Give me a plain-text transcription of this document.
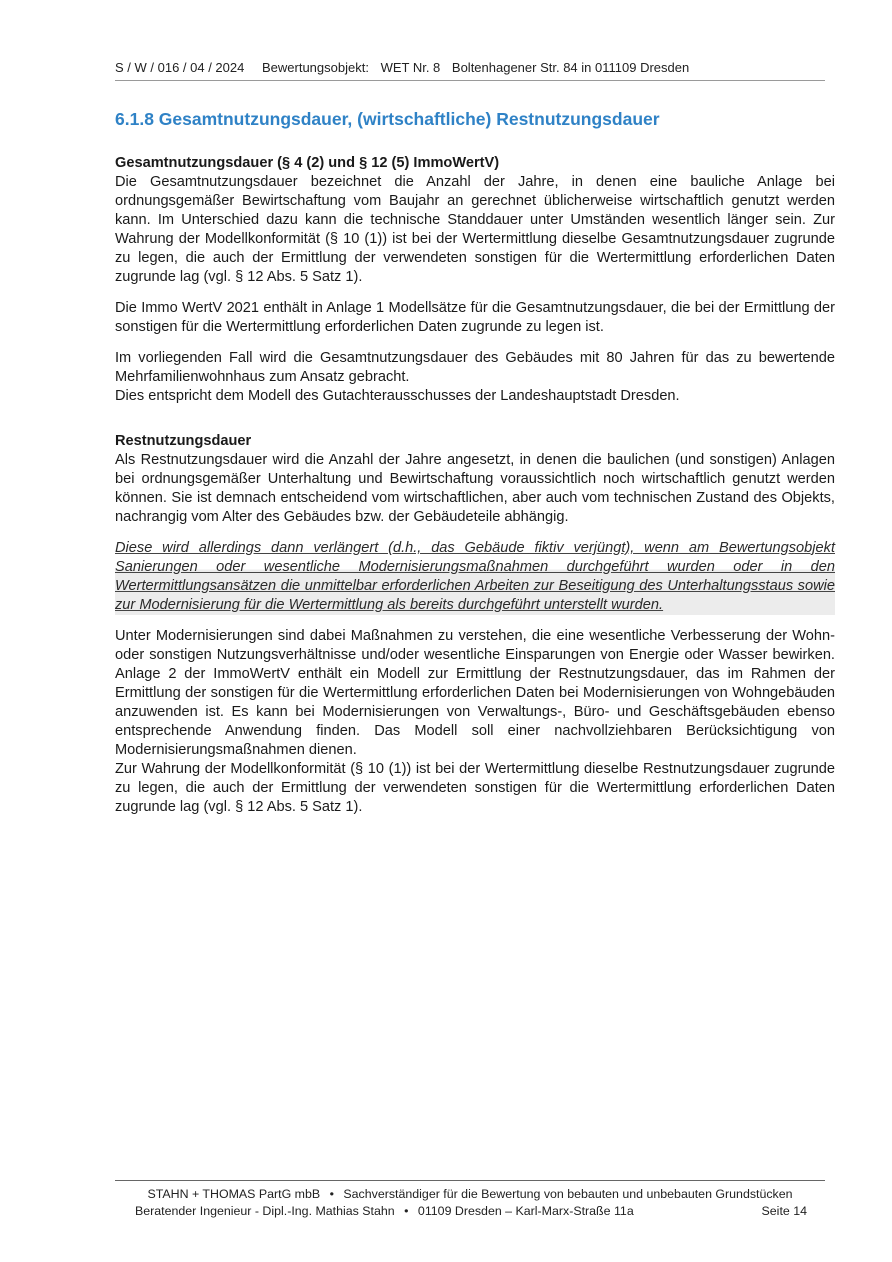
S / W / 016 / 04 / 2024 Bewertungsobjekt: WET Nr. 8 Boltenhagener Str. 84 in 011109 Dresden
6.1.8 Gesamtnutzungsdauer, (wirtschaftliche) Restnutzungsdauer
Gesamtnutzungsdauer (§ 4 (2) und § 12 (5) ImmoWertV)

Die Gesamtnutzungsdauer bezeichnet die Anzahl der Jahre, in denen eine bauliche Anlage bei ordnungsgemäßer Bewirtschaftung vom Baujahr an gerechnet üblicherweise wirtschaftlich genutzt werden kann. Im Unterschied dazu kann die technische Standdauer unter Umständen wesentlich länger sein. Zur Wahrung der Modellkonformität (§ 10 (1)) ist bei der Wertermittlung dieselbe Gesamtnutzungsdauer zugrunde zu legen, die auch der Ermittlung der verwendeten sonstigen für die Wertermittlung erforderlichen Daten zugrunde lag (vgl. § 12 Abs. 5 Satz 1).

Die Immo WertV 2021 enthält in Anlage 1 Modellsätze für die Gesamtnutzungsdauer, die bei der Ermittlung der sonstigen für die Wertermittlung erforderlichen Daten zugrunde zu legen ist.

Im vorliegenden Fall wird die Gesamtnutzungsdauer des Gebäudes mit 80 Jahren für das zu bewertende Mehrfamilienwohnhaus zum Ansatz gebracht.

Dies entspricht dem Modell des Gutachterausschusses der Landeshauptstadt Dresden.

Restnutzungsdauer

Als Restnutzungsdauer wird die Anzahl der Jahre angesetzt, in denen die baulichen (und sonstigen) Anlagen bei ordnungsgemäßer Unterhaltung und Bewirtschaftung voraussichtlich noch wirtschaftlich genutzt werden können. Sie ist demnach entscheidend vom wirtschaftlichen, aber auch vom technischen Zustand des Objekts, nachrangig vom Alter des Gebäudes bzw. der Gebäudeteile abhängig.

Diese wird allerdings dann verlängert (d.h., das Gebäude fiktiv verjüngt), wenn am Bewertungsobjekt Sanierungen oder wesentliche Modernisierungsmaßnahmen durchgeführt wurden oder in den Wertermittlungsansätzen die unmittelbar erforderlichen Arbeiten zur Beseitigung des Unterhaltungsstaus sowie zur Modernisierung für die Wertermittlung als bereits durchgeführt unterstellt wurden.

Unter Modernisierungen sind dabei Maßnahmen zu verstehen, die eine wesentliche Verbesserung der Wohn- oder sonstigen Nutzungsverhältnisse und/oder wesentliche Einsparungen von Energie oder Wasser bewirken. Anlage 2 der ImmoWertV enthält ein Modell zur Ermittlung der Restnutzungsdauer, das im Rahmen der Ermittlung der sonstigen für die Wertermittlung erforderlichen Daten bei Modernisierungen von Wohngebäuden anzuwenden ist. Es kann bei Modernisierungen von Verwaltungs-, Büro- und Geschäftsgebäuden ebenso entsprechende Anwendung finden. Das Modell soll einer nachvollziehbaren Berücksichtigung von Modernisierungsmaßnahmen dienen.

Zur Wahrung der Modellkonformität (§ 10 (1)) ist bei der Wertermittlung dieselbe Restnutzungsdauer zugrunde zu legen, die auch der Ermittlung der verwendeten sonstigen für die Wertermittlung erforderlichen Daten zugrunde lag (vgl. § 12 Abs. 5 Satz 1).

STAHN + THOMAS PartG mbB • Sachverständiger für die Bewertung von bebauten und unbebauten Grundstücken
Beratender Ingenieur - Dipl.-Ing. Mathias Stahn • 01109 Dresden – Karl-Marx-Straße 11a	Seite 14
